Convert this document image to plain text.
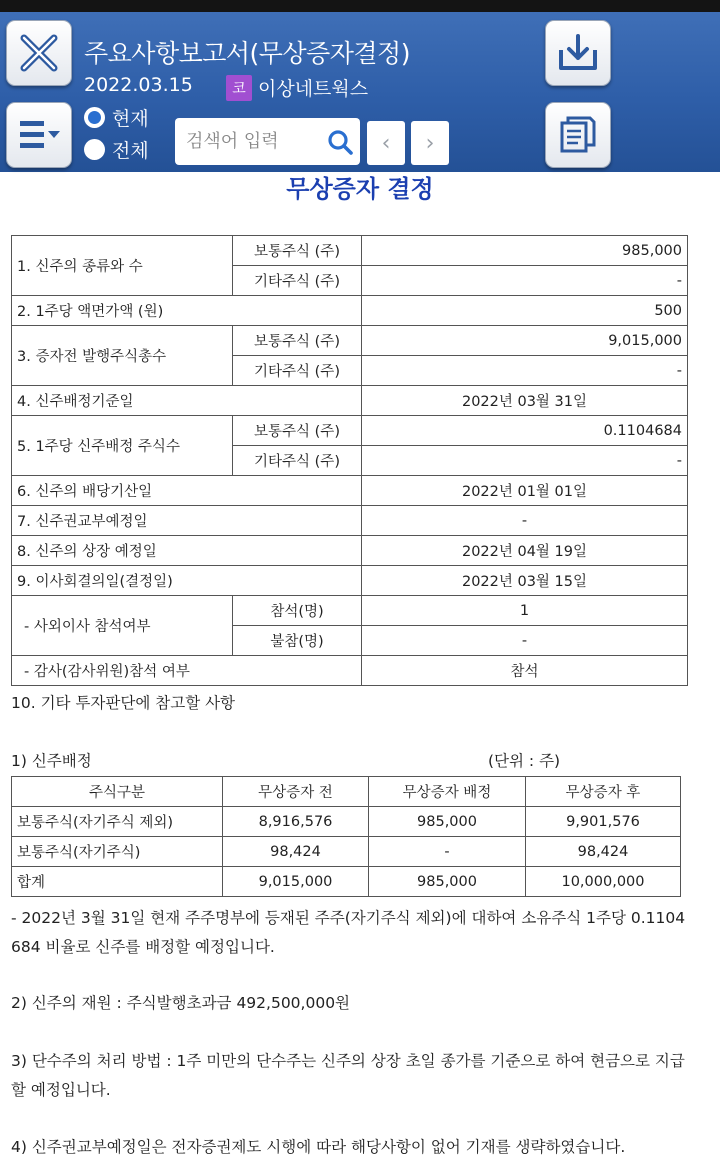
주요사항보고서(무상증자결정)
2022.03.15	코 이상네트웍스
현재
전체
검색어 입력	‹	›
무상증자 결정
1. 신주의 종류와 수	보통주식 (주)	985,000
	기타주식 (주)	-
2. 1주당 액면가액 (원)		500
3. 증자전 발행주식총수	보통주식 (주)	9,015,000
	기타주식 (주)	-
4. 신주배정기준일		2022년 03월 31일
5. 1주당 신주배정 주식수	보통주식 (주)	0.1104684
	기타주식 (주)	-
6. 신주의 배당기산일		2022년 01월 01일
7. 신주권교부예정일		-
8. 신주의 상장 예정일		2022년 04월 19일
9. 이사회결의일(결정일)		2022년 03월 15일
- 사외이사 참석여부	참석(명)	1
	불참(명)	-
- 감사(감사위원)참석 여부		참석
10. 기타 투자판단에 참고할 사항
1) 신주배정	(단위 : 주)
주식구분	무상증자 전	무상증자 배정	무상증자 후
보통주식(자기주식 제외)	8,916,576	985,000	9,901,576
보통주식(자기주식)	98,424	-	98,424
합계	9,015,000	985,000	10,000,000
- 2022년 3월 31일 현재 주주명부에 등재된 주주(자기주식 제외)에 대하여 소유주식 1주당 0.1104
684 비율로 신주를 배정할 예정입니다.
2) 신주의 재원 : 주식발행초과금 492,500,000원
3) 단수주의 처리 방법 : 1주 미만의 단수주는 신주의 상장 초일 종가를 기준으로 하여 현금으로 지급
할 예정입니다.
4) 신주권교부예정일은 전자증권제도 시행에 따라 해당사항이 없어 기재를 생략하였습니다.
